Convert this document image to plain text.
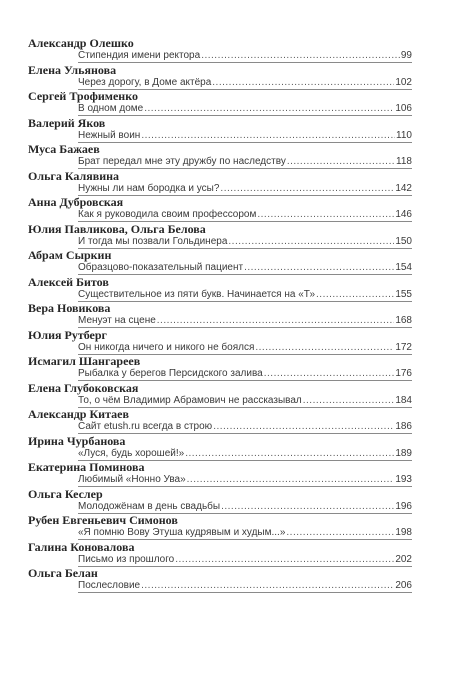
Александр Олешко
Стипендия имени ректора .....	99
Елена Ульянова
Через дорогу, в Доме актёра .....	102
Сергей Трофименко
В одном доме .....	106
Валерий Яков
Нежный воин .....	110
Муса Бажаев
Брат передал мне эту дружбу по наследству .....	118
Ольга Калявина
Нужны ли нам бородка и усы? .....	142
Анна Дубровская
Как я руководила своим профессором .....	146
Юлия Павликова, Ольга Белова
И тогда мы позвали Гольдинера .....	150
Абрам Сыркин
Образцово-показательный пациент .....	154
Алексей Битов
Существительное из пяти букв. Начинается на «Т» .....	155
Вера Новикова
Менуэт на сцене .....	168
Юлия Рутберг
Он никогда ничего и никого не боялся .....	172
Исмагил Шангареев
Рыбалка у берегов Персидского залива .....	176
Елена Глубоковская
То, о чём Владимир Абрамович не рассказывал .....	184
Александр Китаев
Сайт etush.ru всегда в строю .....	186
Ирина Чурбанова
«Луся, будь хорошей!» .....	189
Екатерина Поминова
Любимый «Нонно Ува» .....	193
Ольга Кеслер
Молодожёнам в день свадьбы .....	196
Рубен Евгеньевич Симонов
«Я помню Вову Этуша кудрявым и худым...» .....	198
Галина Коновалова
Письмо из прошлого .....	202
Ольга Белан
Послесловие .....	206
